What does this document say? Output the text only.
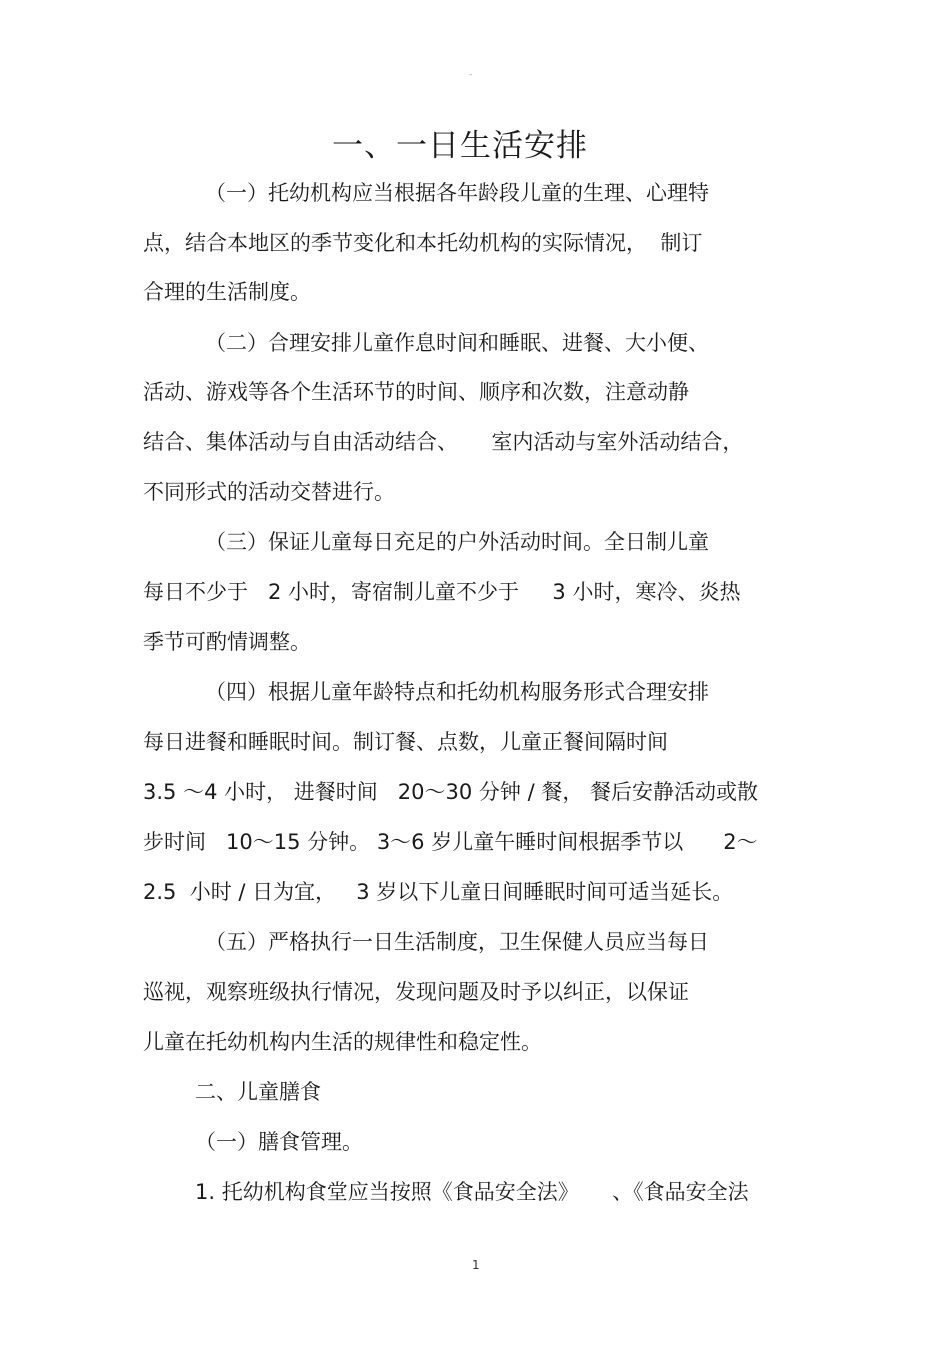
-
一、一日生活安排
（一）托幼机构应当根据各年龄段儿童的生理、心理特
点，结合本地区的季节变化和本托幼机构的实际情况，  制订
合理的生活制度。
（二）合理安排儿童作息时间和睡眠、进餐、大小便、
活动、游戏等各个生活环节的时间、顺序和次数，注意动静
结合、集体活动与自由活动结合、     室内活动与室外活动结合，
不同形式的活动交替进行。
（三）保证儿童每日充足的户外活动时间。全日制儿童
每日不少于   2 小时，寄宿制儿童不少于     3 小时，寒冷、炎热
季节可酌情调整。
（四）根据儿童年龄特点和托幼机构服务形式合理安排
每日进餐和睡眠时间。制订餐、点数，儿童正餐间隔时间
3.5 ～4 小时， 进餐时间   20～30 分钟 / 餐， 餐后安静活动或散
步时间   10～15 分钟。 3～6 岁儿童午睡时间根据季节以      2～
2.5  小时 / 日为宜，   3 岁以下儿童日间睡眠时间可适当延长。
（五）严格执行一日生活制度，卫生保健人员应当每日
巡视，观察班级执行情况，发现问题及时予以纠正，以保证
儿童在托幼机构内生活的规律性和稳定性。
二、儿童膳食
（一）膳食管理。
1. 托幼机构食堂应当按照《食品安全法》     、《食品安全法
1
